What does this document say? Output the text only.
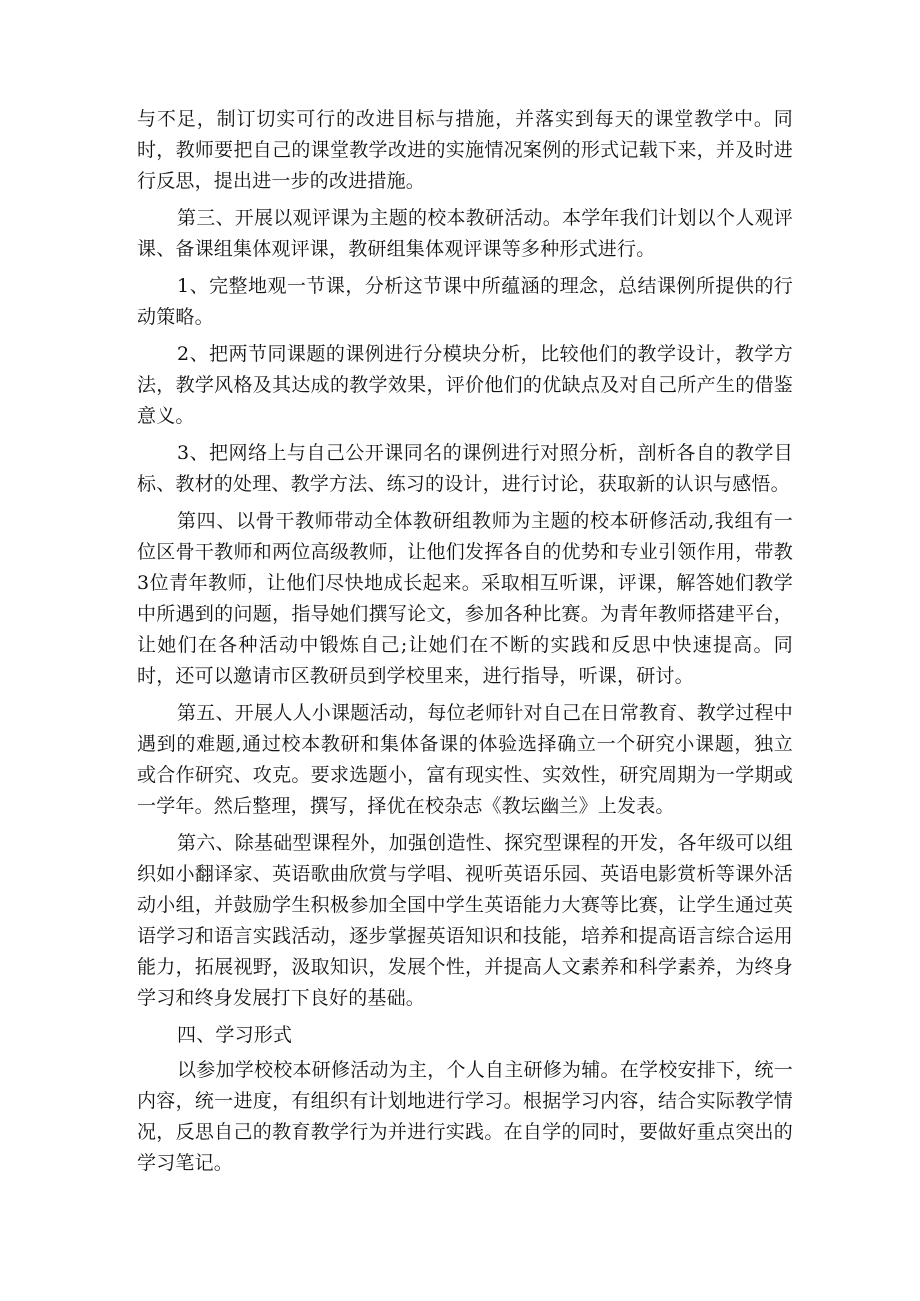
与不足，制订切实可行的改进目标与措施，并落实到每天的课堂教学中。同时，教师要把自己的课堂教学改进的实施情况案例的形式记载下来，并及时进行反思，提出进一步的改进措施。

第三、开展以观评课为主题的校本教研活动。本学年我们计划以个人观评课、备课组集体观评课，教研组集体观评课等多种形式进行。

1、完整地观一节课，分析这节课中所蕴涵的理念，总结课例所提供的行动策略。

2、把两节同课题的课例进行分模块分析，比较他们的教学设计，教学方法，教学风格及其达成的教学效果，评价他们的优缺点及对自己所产生的借鉴意义。

3、把网络上与自己公开课同名的课例进行对照分析，剖析各自的教学目标、教材的处理、教学方法、练习的设计，进行讨论，获取新的认识与感悟。

第四、以骨干教师带动全体教研组教师为主题的校本研修活动,我组有一位区骨干教师和两位高级教师，让他们发挥各自的优势和专业引领作用，带教3位青年教师，让他们尽快地成长起来。采取相互听课，评课，解答她们教学中所遇到的问题，指导她们撰写论文，参加各种比赛。为青年教师搭建平台，让她们在各种活动中锻炼自己;让她们在不断的实践和反思中快速提高。同时，还可以邀请市区教研员到学校里来，进行指导，听课，研讨。

第五、开展人人小课题活动，每位老师针对自己在日常教育、教学过程中遇到的难题,通过校本教研和集体备课的体验选择确立一个研究小课题，独立或合作研究、攻克。要求选题小，富有现实性、实效性，研究周期为一学期或一学年。然后整理，撰写，择优在校杂志《教坛幽兰》上发表。

第六、除基础型课程外，加强创造性、探究型课程的开发，各年级可以组织如小翻译家、英语歌曲欣赏与学唱、视听英语乐园、英语电影赏析等课外活动小组，并鼓励学生积极参加全国中学生英语能力大赛等比赛，让学生通过英语学习和语言实践活动，逐步掌握英语知识和技能，培养和提高语言综合运用能力，拓展视野，汲取知识，发展个性，并提高人文素养和科学素养，为终身学习和终身发展打下良好的基础。

四、学习形式

以参加学校校本研修活动为主，个人自主研修为辅。在学校安排下，统一内容，统一进度，有组织有计划地进行学习。根据学习内容，结合实际教学情况，反思自己的教育教学行为并进行实践。在自学的同时，要做好重点突出的学习笔记。
